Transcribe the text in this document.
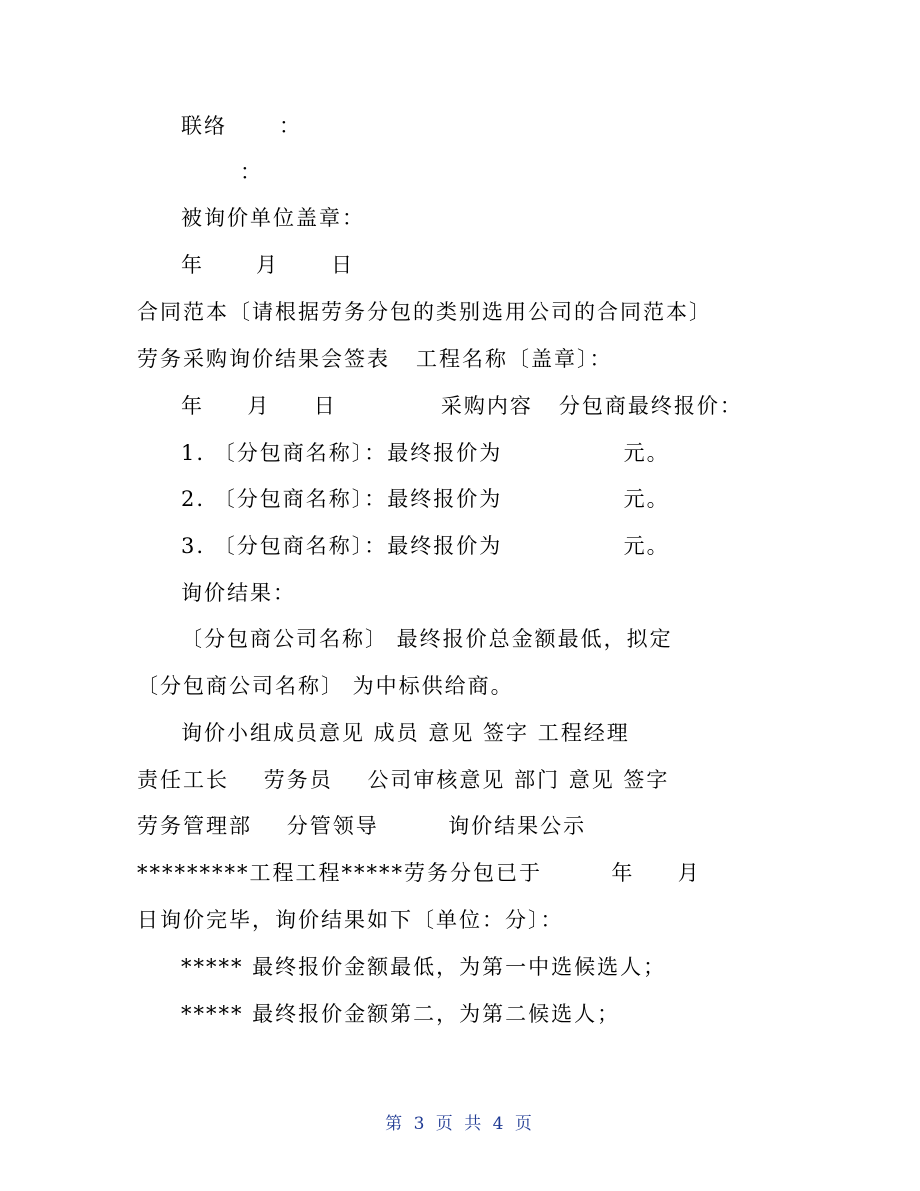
联络      ：
：
被询价单位盖章：
年      月      日
合同范本〔请根据劳务分包的类别选用公司的合同范本〕
劳务采购询价结果会签表   工程名称〔盖章〕：
年     月     日            采购内容   分包商最终报价：
1. 〔分包商名称〕：最终报价为              元。
2. 〔分包商名称〕：最终报价为              元。
3. 〔分包商名称〕：最终报价为              元。
询价结果：
〔分包商公司名称〕 最终报价总金额最低，拟定
〔分包商公司名称〕 为中标供给商。
询价小组成员意见 成员 意见 签字 工程经理
责任工长    劳务员    公司审核意见 部门 意见 签字
劳务管理部    分管领导        询价结果公示
*********工程工程*****劳务分包已于        年     月
日询价完毕，询价结果如下〔单位：分〕：
***** 最终报价金额最低，为第一中选候选人；
***** 最终报价金额第二，为第二候选人；
第 3 页 共 4 页
